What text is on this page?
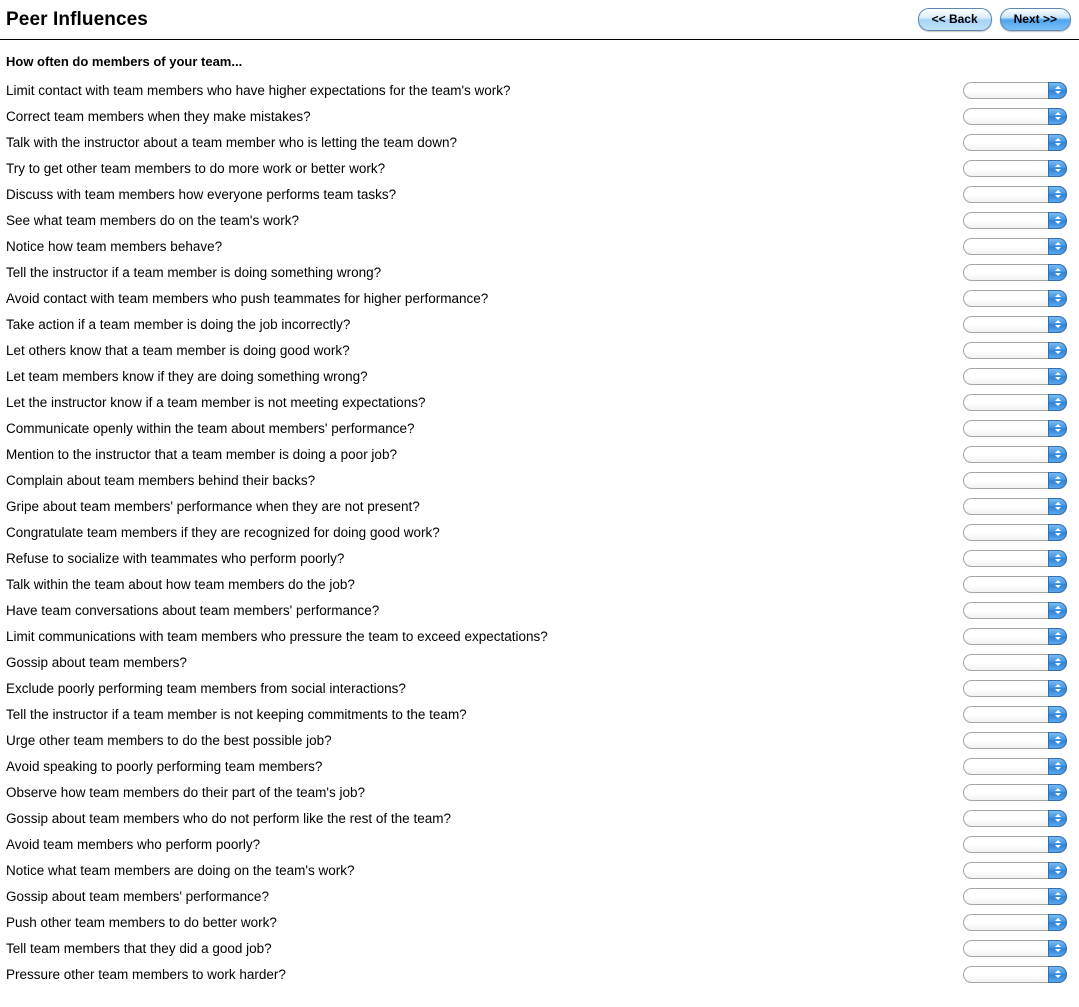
Peer Influences	<< Back	Next >>
How often do members of your team...
Limit contact with team members who have higher expectations for the team's work?
Correct team members when they make mistakes?
Talk with the instructor about a team member who is letting the team down?
Try to get other team members to do more work or better work?
Discuss with team members how everyone performs team tasks?
See what team members do on the team's work?
Notice how team members behave?
Tell the instructor if a team member is doing something wrong?
Avoid contact with team members who push teammates for higher performance?
Take action if a team member is doing the job incorrectly?
Let others know that a team member is doing good work?
Let team members know if they are doing something wrong?
Let the instructor know if a team member is not meeting expectations?
Communicate openly within the team about members' performance?
Mention to the instructor that a team member is doing a poor job?
Complain about team members behind their backs?
Gripe about team members' performance when they are not present?
Congratulate team members if they are recognized for doing good work?
Refuse to socialize with teammates who perform poorly?
Talk within the team about how team members do the job?
Have team conversations about team members' performance?
Limit communications with team members who pressure the team to exceed expectations?
Gossip about team members?
Exclude poorly performing team members from social interactions?
Tell the instructor if a team member is not keeping commitments to the team?
Urge other team members to do the best possible job?
Avoid speaking to poorly performing team members?
Observe how team members do their part of the team's job?
Gossip about team members who do not perform like the rest of the team?
Avoid team members who perform poorly?
Notice what team members are doing on the team's work?
Gossip about team members' performance?
Push other team members to do better work?
Tell team members that they did a good job?
Pressure other team members to work harder?
